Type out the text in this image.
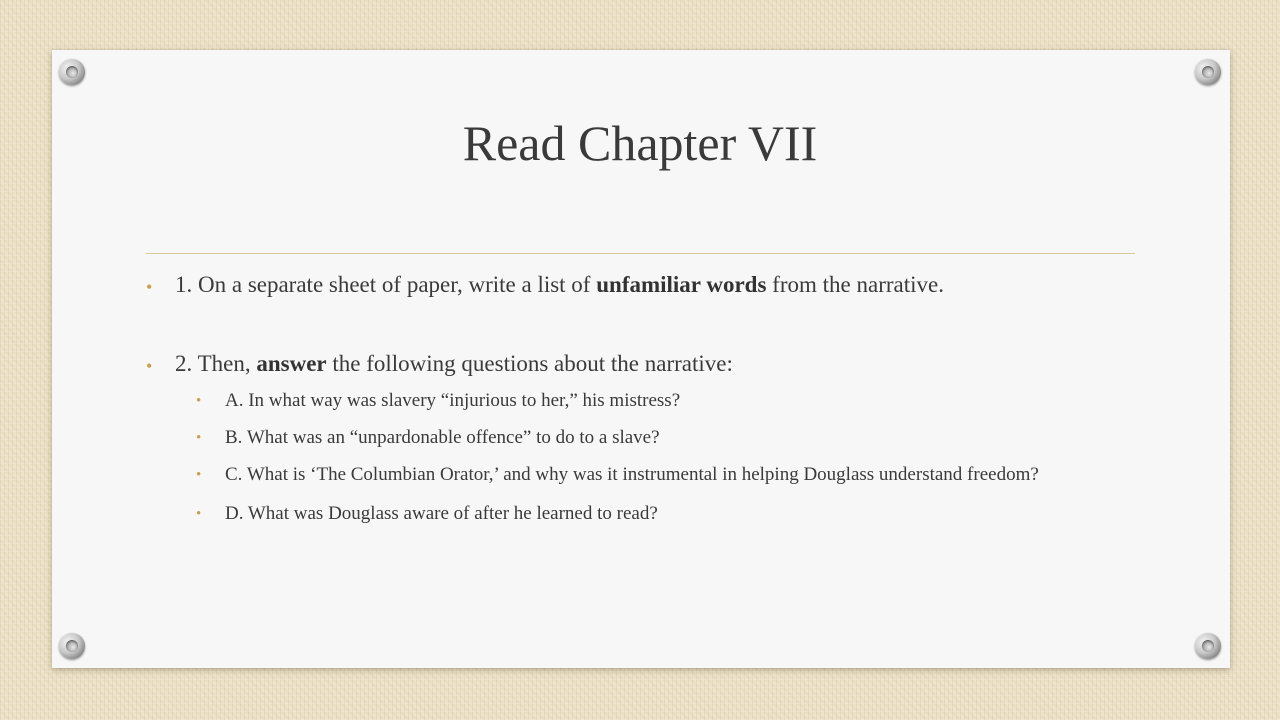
Read Chapter VII
• 1. On a separate sheet of paper, write a list of unfamiliar words from the narrative.
• 2. Then, answer the following questions about the narrative:
• A. In what way was slavery “injurious to her,” his mistress?
• B. What was an “unpardonable offence” to do to a slave?
• C. What is ‘The Columbian Orator,’ and why was it instrumental in helping Douglass understand freedom?
• D. What was Douglass aware of after he learned to read?
